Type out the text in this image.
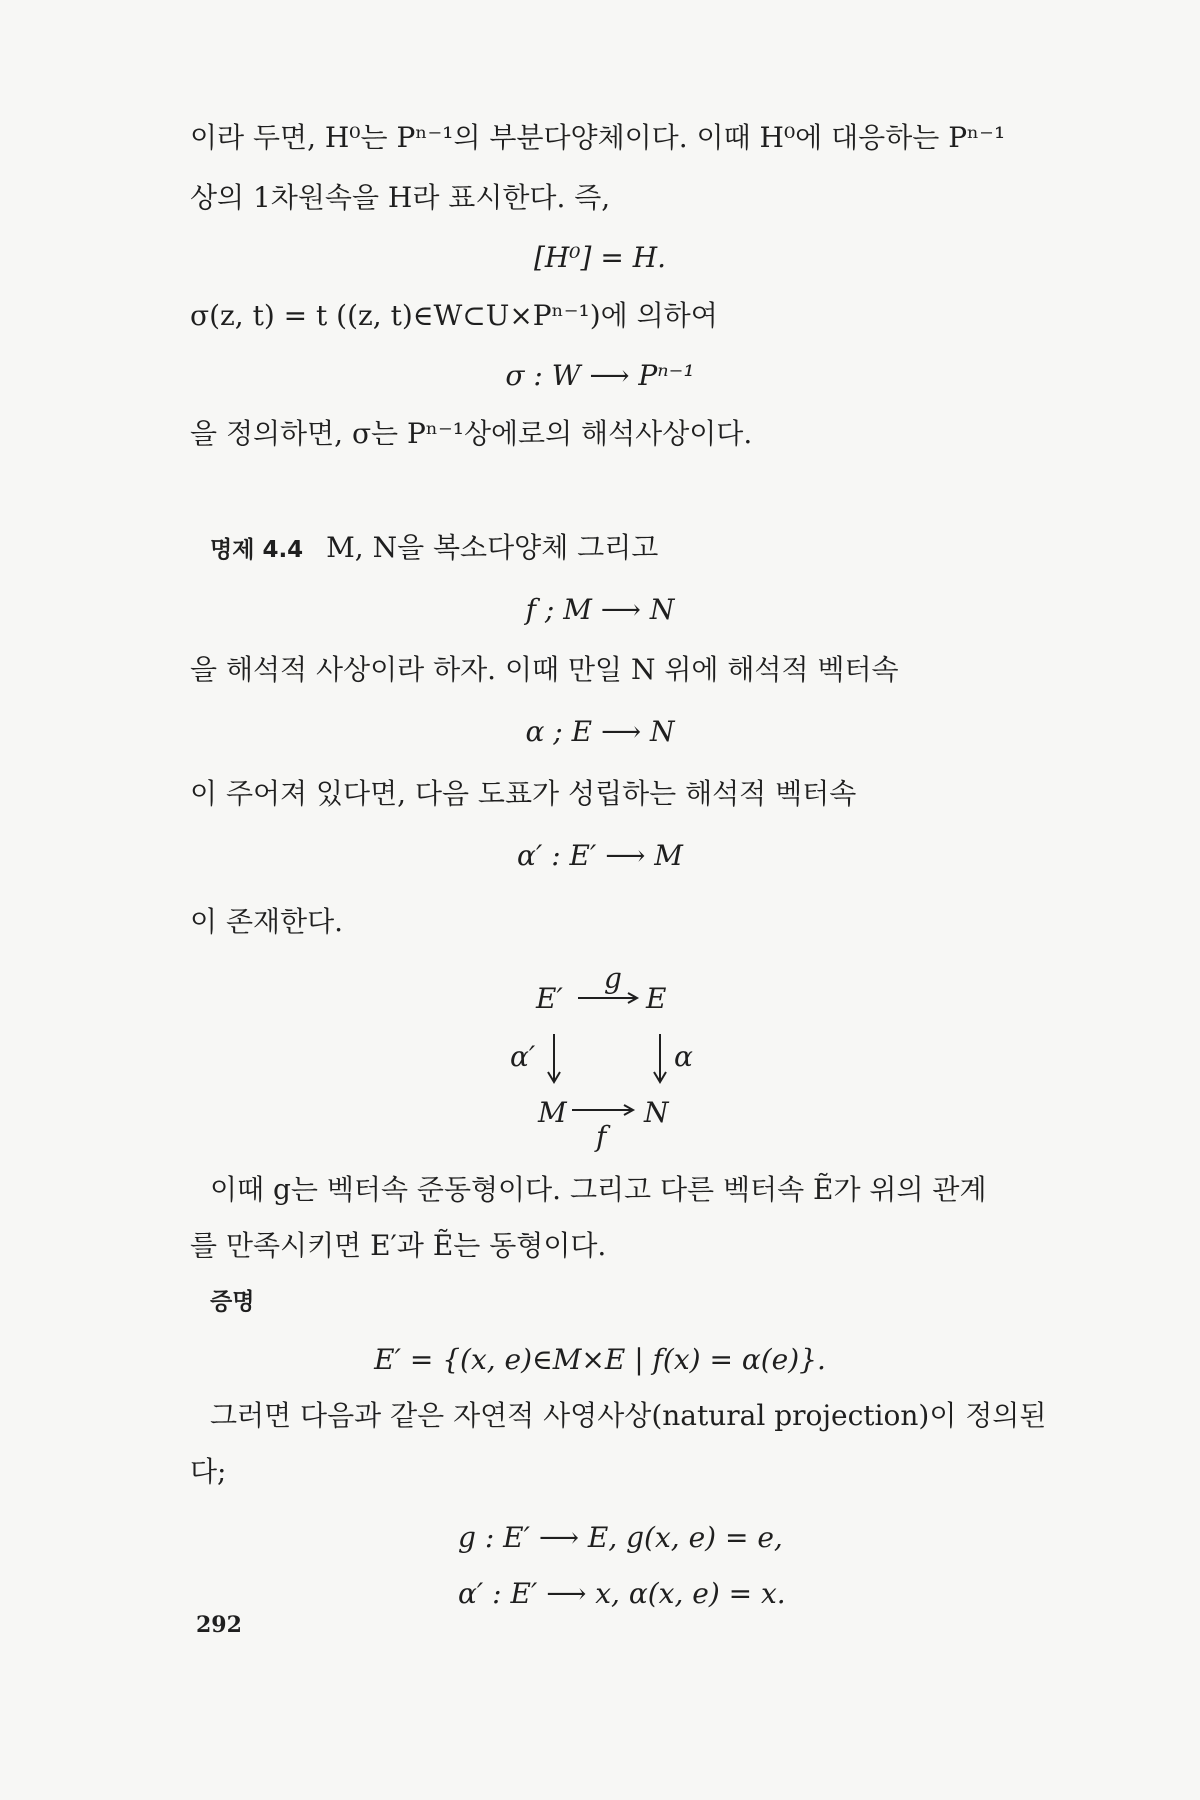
이라 두면, H⁰는 Pⁿ⁻¹의 부분다양체이다. 이때 H⁰에 대응하는 Pⁿ⁻¹
상의 1차원속을 H라 표시한다. 즉,
[H⁰] = H.
σ(z, t) = t ((z, t)∈W⊂U×Pⁿ⁻¹)에 의하여
σ : W ⟶ Pⁿ⁻¹
을 정의하면, σ는 Pⁿ⁻¹상에로의 해석사상이다.
명제 4.4 M, N을 복소다양체 그리고
f ; M ⟶ N
을 해석적 사상이라 하자. 이때 만일 N 위에 해석적 벡터속
α ; E ⟶ N
이 주어져 있다면, 다음 도표가 성립하는 해석적 벡터속
α′ : E′ ⟶ M
이 존재한다.
E′	E
g
α′	α
M	N
f
이때 g는 벡터속 준동형이다. 그리고 다른 벡터속 Ẽ가 위의 관계
를 만족시키면 E′과 Ẽ는 동형이다.
증명
E′ = {(x, e)∈M×E | f(x) = α(e)}.
그러면 다음과 같은 자연적 사영사상(natural projection)이 정의된
다;
g : E′ ⟶ E, g(x, e) = e,
α′ : E′ ⟶ x, α(x, e) = x.
292
